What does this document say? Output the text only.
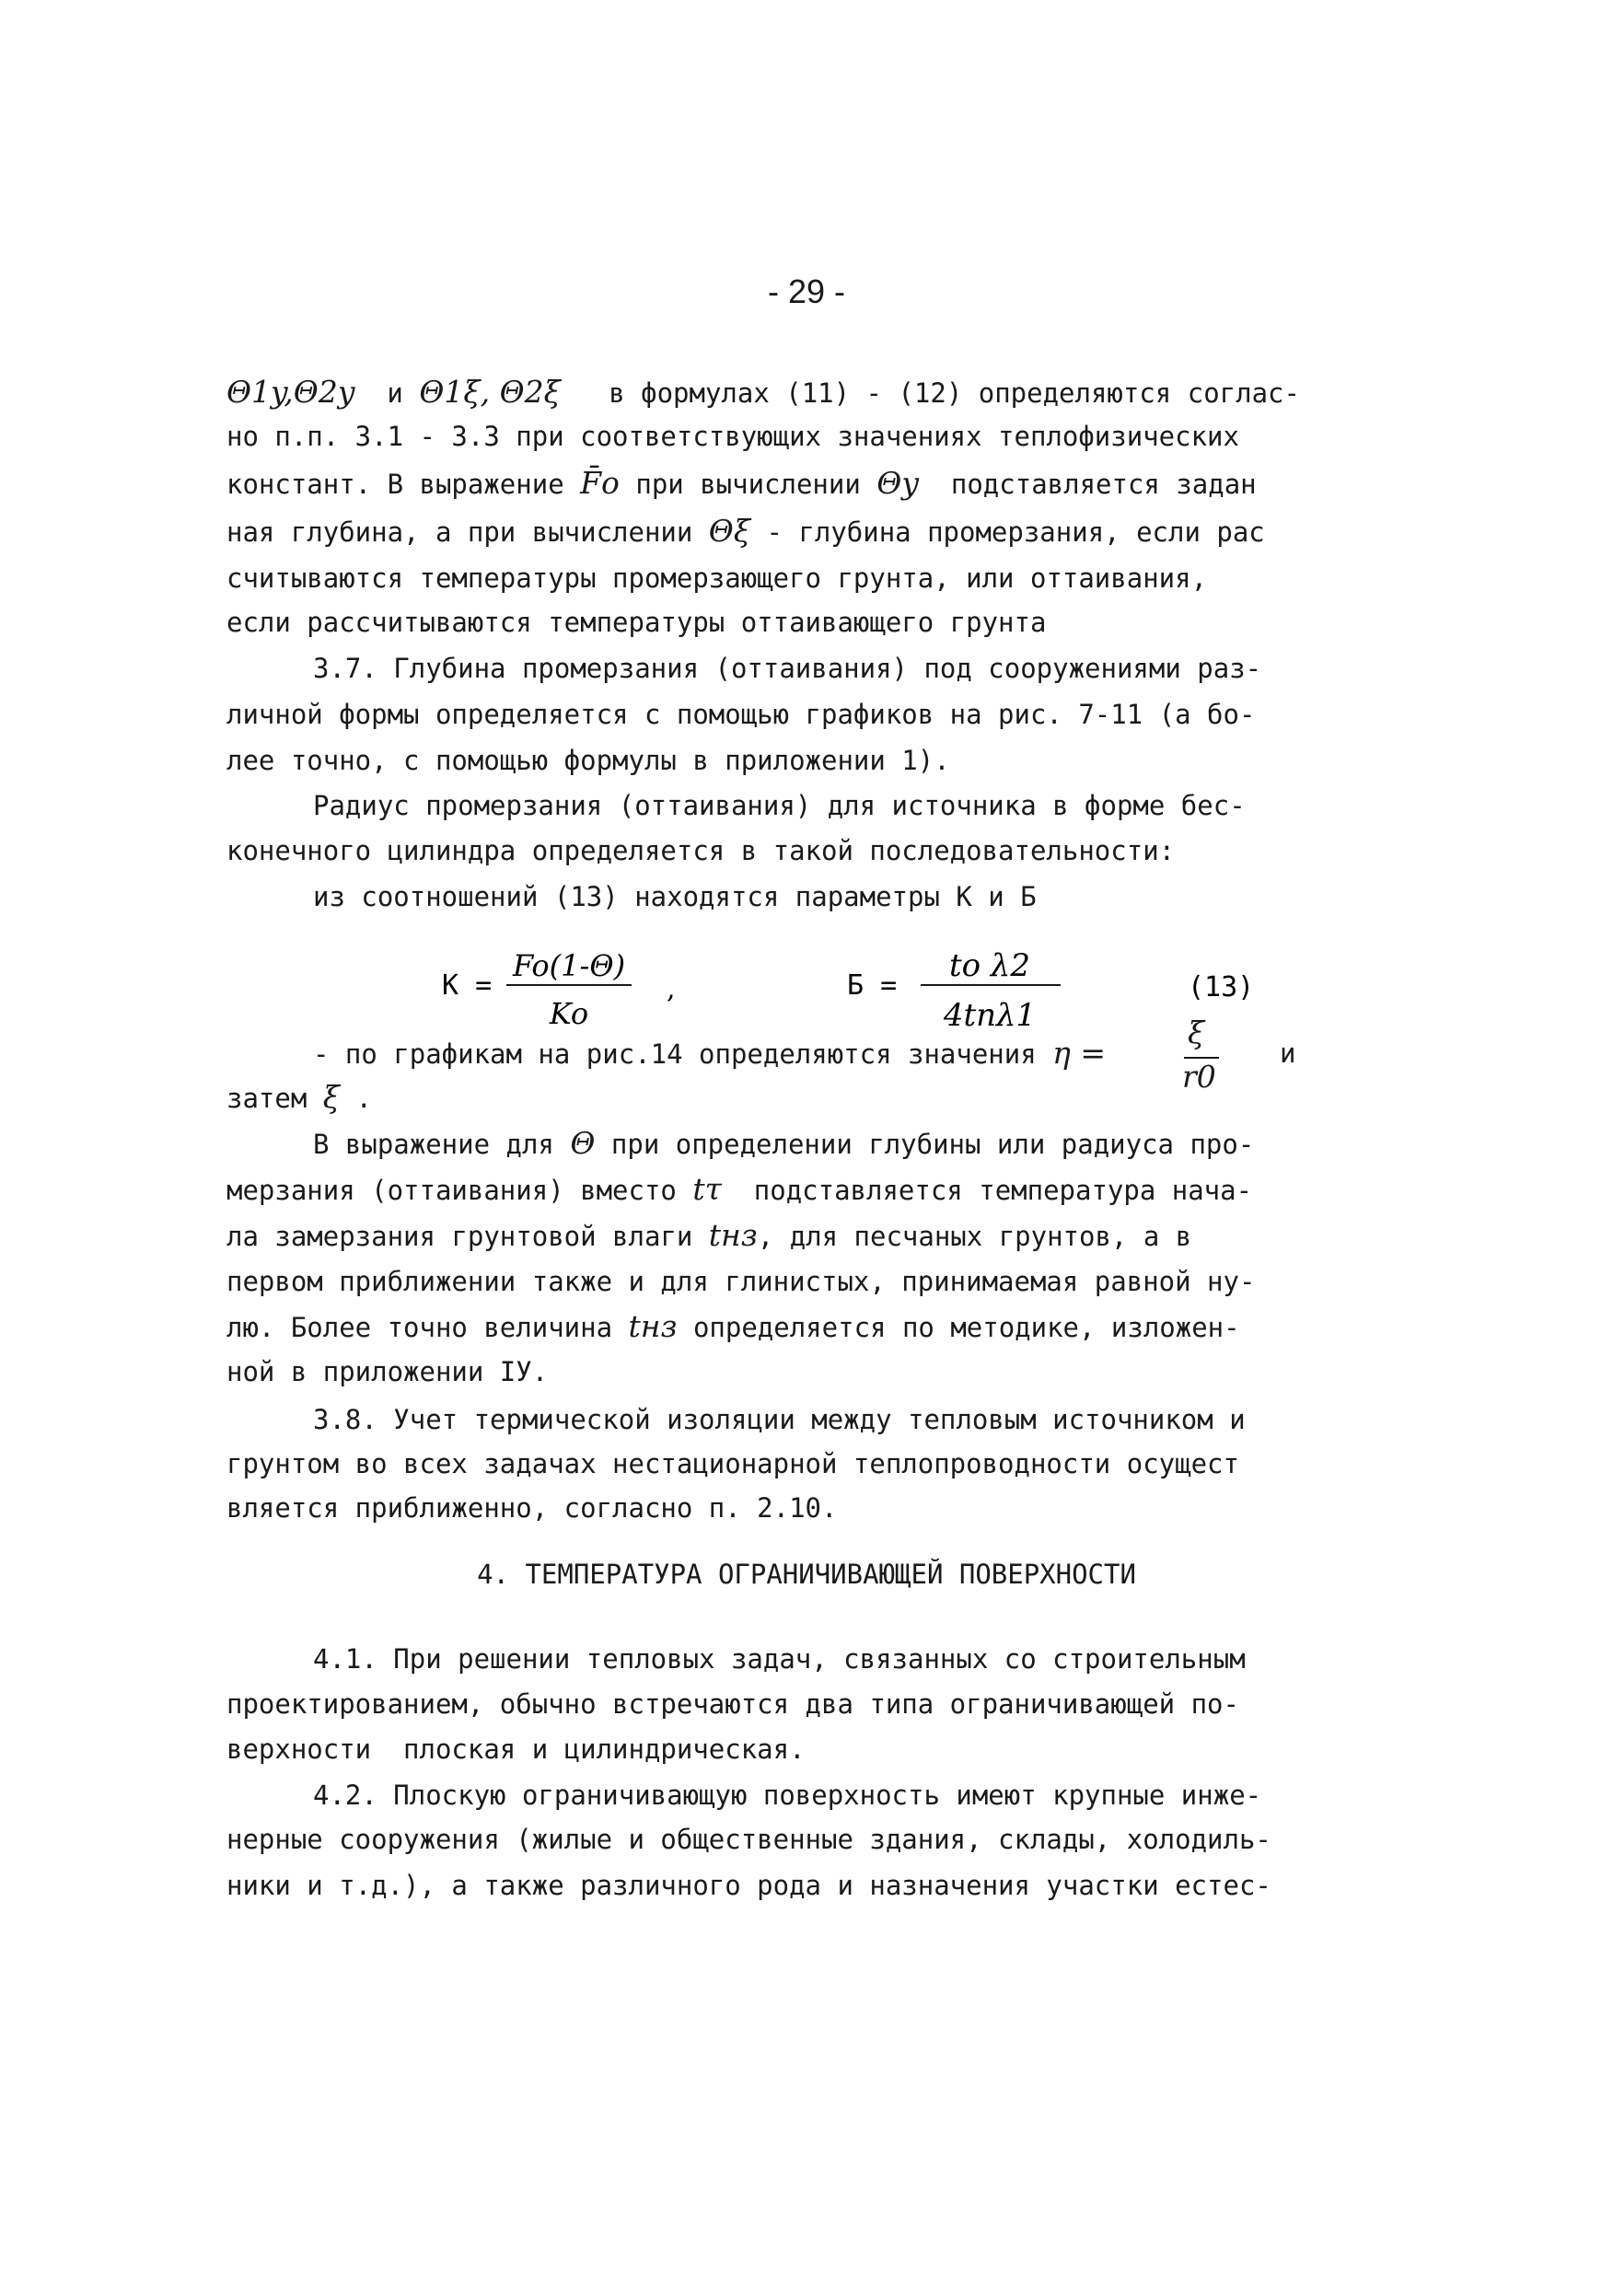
- 29 -
Θ1y,Θ2y и Θ1ξ, Θ2ξ в формулах (11) - (12) определяются соглас-
но п.п. 3.1 - 3.3 при соответствующих значениях теплофизических
констант. В выражение F̄o при вычислении Θy подставляется задан
ная глубина, а при вычислении Θξ - глубина промерзания, если рас
считываются температуры промерзающего грунта, или оттаивания,
если рассчитываются температуры оттаивающего грунта
3.7. Глубина промерзания (оттаивания) под сооружениями раз-
личной формы определяется с помощью графиков на рис. 7-11 (а бо-
лее точно, с помощью формулы в приложении 1).
Радиус промерзания (оттаивания) для источника в форме бес-
конечного цилиндра определяется в такой последовательности:
из соотношений (13) находятся параметры К и Б
К =
Fo(1-Θ)
Ko
,	Б =
to λ2
4tnλ1
(13)
- по графикам на рис.14 определяются значения η =
ξ
r0
и
затем ξ .
В выражение для Θ при определении глубины или радиуса про-
мерзания (оттаивания) вместо tτ подставляется температура нача-
ла замерзания грунтовой влаги tнз, для песчаных грунтов, а в
первом приближении также и для глинистых, принимаемая равной ну-
лю. Более точно величина tнз определяется по методике, изложен-
ной в приложении IУ.
3.8. Учет термической изоляции между тепловым источником и
грунтом во всех задачах нестационарной теплопроводности осущест
вляется приближенно, согласно п. 2.10.
4. ТЕМПЕРАТУРА ОГРАНИЧИВАЮЩЕЙ ПОВЕРХНОСТИ
4.1. При решении тепловых задач, связанных со строительным
проектированием, обычно встречаются два типа ограничивающей по-
верхности  плоская и цилиндрическая.
4.2. Плоскую ограничивающую поверхность имеют крупные инже-
нерные сооружения (жилые и общественные здания, склады, холодиль-
ники и т.д.), а также различного рода и назначения участки естес-
